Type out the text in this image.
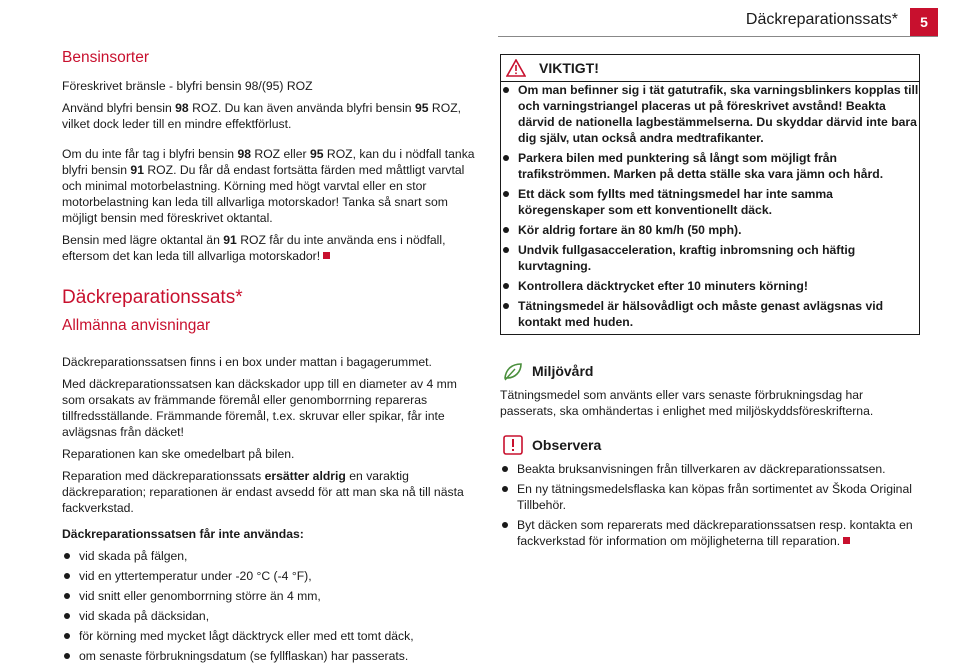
Däckreparationssats*	5
Bensinsorter

Föreskrivet bränsle - blyfri bensin 98/(95) ROZ

Använd blyfri bensin 98 ROZ. Du kan även använda blyfri bensin 95 ROZ, vilket dock leder till en mindre effektförlust.

Om du inte får tag i blyfri bensin 98 ROZ eller 95 ROZ, kan du i nödfall tanka blyfri bensin 91 ROZ. Du får då endast fortsätta färden med måttligt varvtal och minimal motorbelastning. Körning med högt varvtal eller en stor motorbelastning kan leda till allvarliga motorskador! Tanka så snart som möjligt bensin med föreskrivet oktantal.

Bensin med lägre oktantal än 91 ROZ får du inte använda ens i nödfall, eftersom det kan leda till allvarliga motorskador!

Däckreparationssats*
Allmänna anvisningar

Däckreparationssatsen finns i en box under mattan i bagagerummet.

Med däckreparationssatsen kan däckskador upp till en diameter av 4 mm som orsakats av främmande föremål eller genomborrning repareras tillfredsställande. Främmande föremål, t.ex. skruvar eller spikar, får inte avlägsnas från däcket!

Reparationen kan ske omedelbart på bilen.

Reparation med däckreparationssats ersätter aldrig en varaktig däckreparation; reparationen är endast avsedd för att man ska nå till nästa fackverkstad.

Däckreparationssatsen får inte användas:
vid skada på fälgen,
vid en yttertemperatur under -20 °C (-4 °F),
vid snitt eller genomborrning större än 4 mm,
vid skada på däcksidan,
för körning med mycket lågt däcktryck eller med ett tomt däck,
om senaste förbrukningsdatum (se fyllflaskan) har passerats.
VIKTIGT!
Om man befinner sig i tät gatutrafik, ska varningsblinkers kopplas till och varningstriangel placeras ut på föreskrivet avstånd! Beakta därvid de nationella lagbestämmelserna. Du skyddar därvid inte bara dig själv, utan också andra medtrafikanter.
Parkera bilen med punktering så långt som möjligt från trafikströmmen. Marken på detta ställe ska vara jämn och hård.
Ett däck som fyllts med tätningsmedel har inte samma köregenskaper som ett konventionellt däck.
Kör aldrig fortare än 80 km/h (50 mph).
Undvik fullgasacceleration, kraftig inbromsning och häftig kurvtagning.
Kontrollera däcktrycket efter 10 minuters körning!
Tätningsmedel är hälsovådligt och måste genast avlägsnas vid kontakt med huden.
Miljövård

Tätningsmedel som använts eller vars senaste förbrukningsdag har passerats, ska omhändertas i enlighet med miljöskyddsföreskrifterna.

Observera
Beakta bruksanvisningen från tillverkaren av däckreparationssatsen.
En ny tätningsmedelsflaska kan köpas från sortimentet av Škoda Original Tillbehör.
Byt däcken som reparerats med däckreparationssatsen resp. kontakta en fackverkstad för information om möjligheterna till reparation.
